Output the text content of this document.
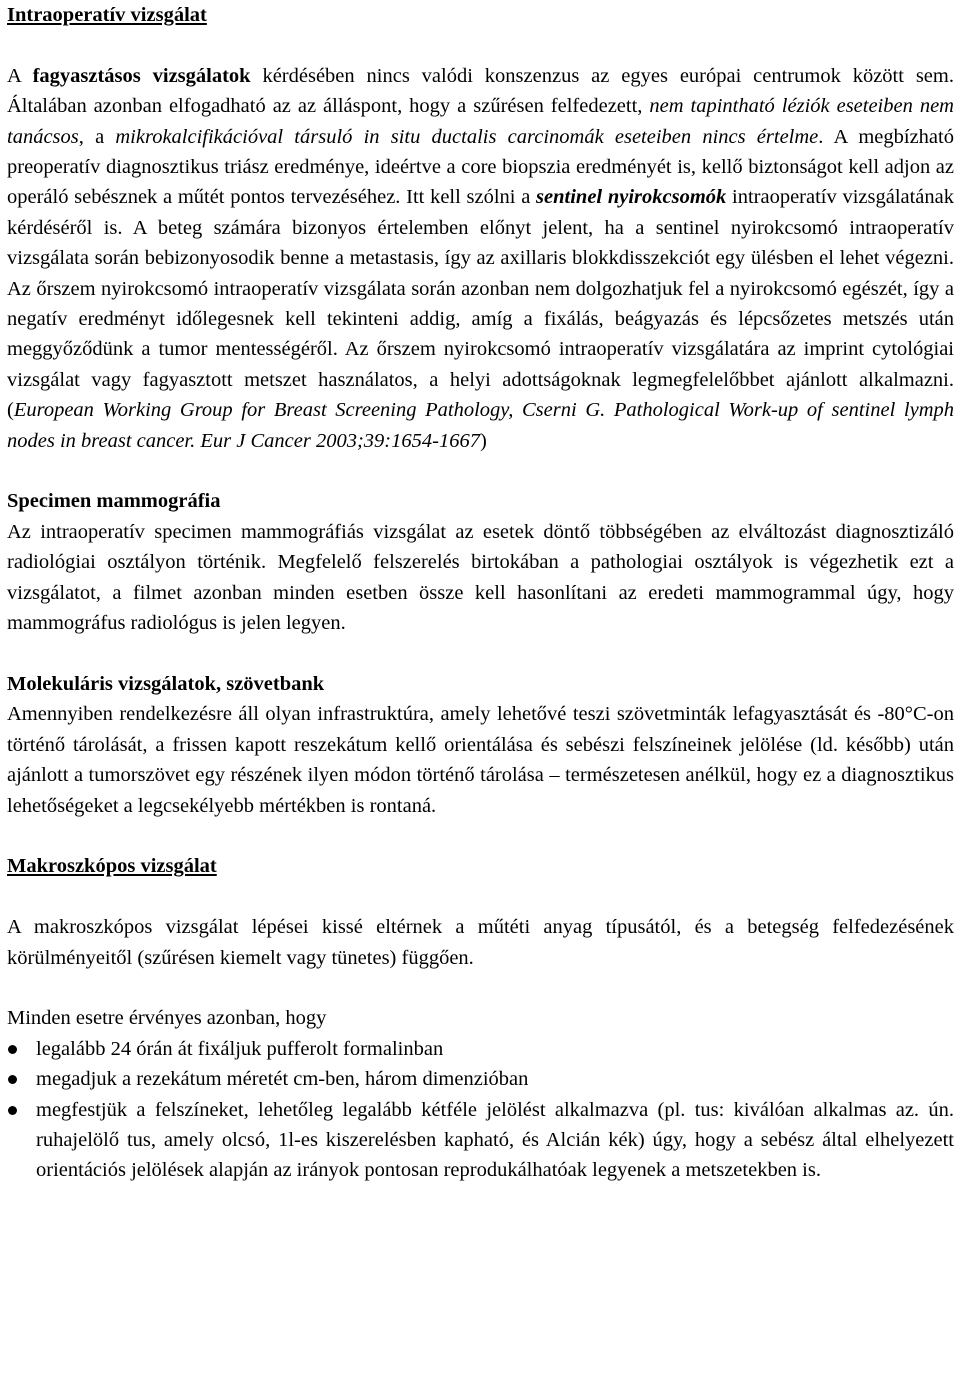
Intraoperatív vizsgálat

A fagyasztásos vizsgálatok kérdésében nincs valódi konszenzus az egyes európai centrumok között sem. Általában azonban elfogadható az az álláspont, hogy a szűrésen felfedezett, nem tapintható léziók eseteiben nem tanácsos, a mikrokalcifikációval társuló in situ ductalis carcinomák eseteiben nincs értelme. A megbízható preoperatív diagnosztikus triász eredménye, ideértve a core biopszia eredményét is, kellő biztonságot kell adjon az operáló sebésznek a műtét pontos tervezéséhez. Itt kell szólni a sentinel nyirokcsomók intraoperatív vizsgálatának kérdéséről is. A beteg számára bizonyos értelemben előnyt jelent, ha a sentinel nyirokcsomó intraoperatív vizsgálata során bebizonyosodik benne a metastasis, így az axillaris blokkdisszekciót egy ülésben el lehet végezni. Az őrszem nyirokcsomó intraoperatív vizsgálata során azonban nem dolgozhatjuk fel a nyirokcsomó egészét, így a negatív eredményt időlegesnek kell tekinteni addig, amíg a fixálás, beágyazás és lépcsőzetes metszés után meggyőződünk a tumor mentességéről. Az őrszem nyirokcsomó intraoperatív vizsgálatára az imprint cytológiai vizsgálat vagy fagyasztott metszet használatos, a helyi adottságoknak legmegfelelőbbet ajánlott alkalmazni. (European Working Group for Breast Screening Pathology, Cserni G. Pathological Work-up of sentinel lymph nodes in breast cancer. Eur J Cancer 2003;39:1654-1667)

Specimen mammográfia

Az intraoperatív specimen mammográfiás vizsgálat az esetek döntő többségében az elváltozást diagnosztizáló radiológiai osztályon történik. Megfelelő felszerelés birtokában a pathologiai osztályok is végezhetik ezt a vizsgálatot, a filmet azonban minden esetben össze kell hasonlítani az eredeti mammogrammal úgy, hogy mammográfus radiológus is jelen legyen.

Molekuláris vizsgálatok, szövetbank

Amennyiben rendelkezésre áll olyan infrastruktúra, amely lehetővé teszi szövetminták lefagyasztását és -80°C-on történő tárolását, a frissen kapott reszekátum kellő orientálása és sebészi felszíneinek jelölése (ld. később) után ajánlott a tumorszövet egy részének ilyen módon történő tárolása – természetesen anélkül, hogy ez a diagnosztikus lehetőségeket a legcsekélyebb mértékben is rontaná.

Makroszkópos vizsgálat

A makroszkópos vizsgálat lépései kissé eltérnek a műtéti anyag típusától, és a betegség felfedezésének körülményeitől (szűrésen kiemelt vagy tünetes) függően.

Minden esetre érvényes azonban, hogy

legalább 24 órán át fixáljuk pufferolt formalinban
megadjuk a rezekátum méretét cm-ben, három dimenzióban
megfestjük a felszíneket, lehetőleg legalább kétféle jelölést alkalmazva (pl. tus: kiválóan alkalmas az. ún. ruhajelölő tus, amely olcsó, 1l-es kiszerelésben kapható, és Alcián kék) úgy, hogy a sebész által elhelyezett orientációs jelölések alapján az irányok pontosan reprodukálhatóak legyenek a metszetekben is.
